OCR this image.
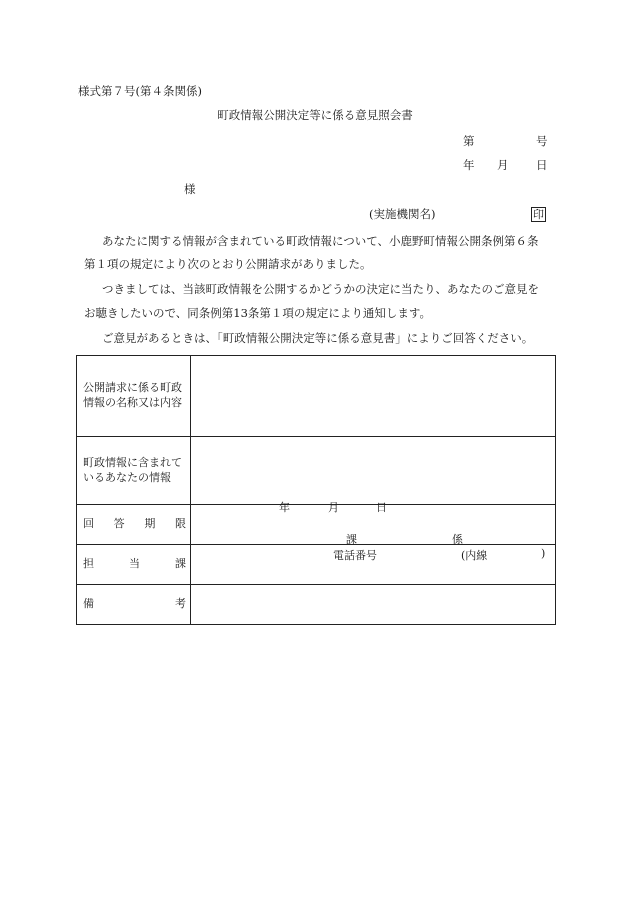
様式第７号(第４条関係)
町政情報公開決定等に係る意見照会書
第	号
年 月 日
様
(実施機関名)	印
あなたに関する情報が含まれている町政情報について、小鹿野町情報公開条例第６条
第１項の規定により次のとおり公開請求がありました。
つきましては、当該町政情報を公開するかどうかの決定に当たり、あなたのご意見を
お聴きしたいので、同条例第13条第１項の規定により通知します。
ご意見があるときは、「町政情報公開決定等に係る意見書」によりご回答ください。
公開請求に係る町政情報の名称又は内容	
町政情報に含まれているあなたの情報	
回答期限	年 月 日

担当課	課 係
電話番号 (内線 )

備考	
